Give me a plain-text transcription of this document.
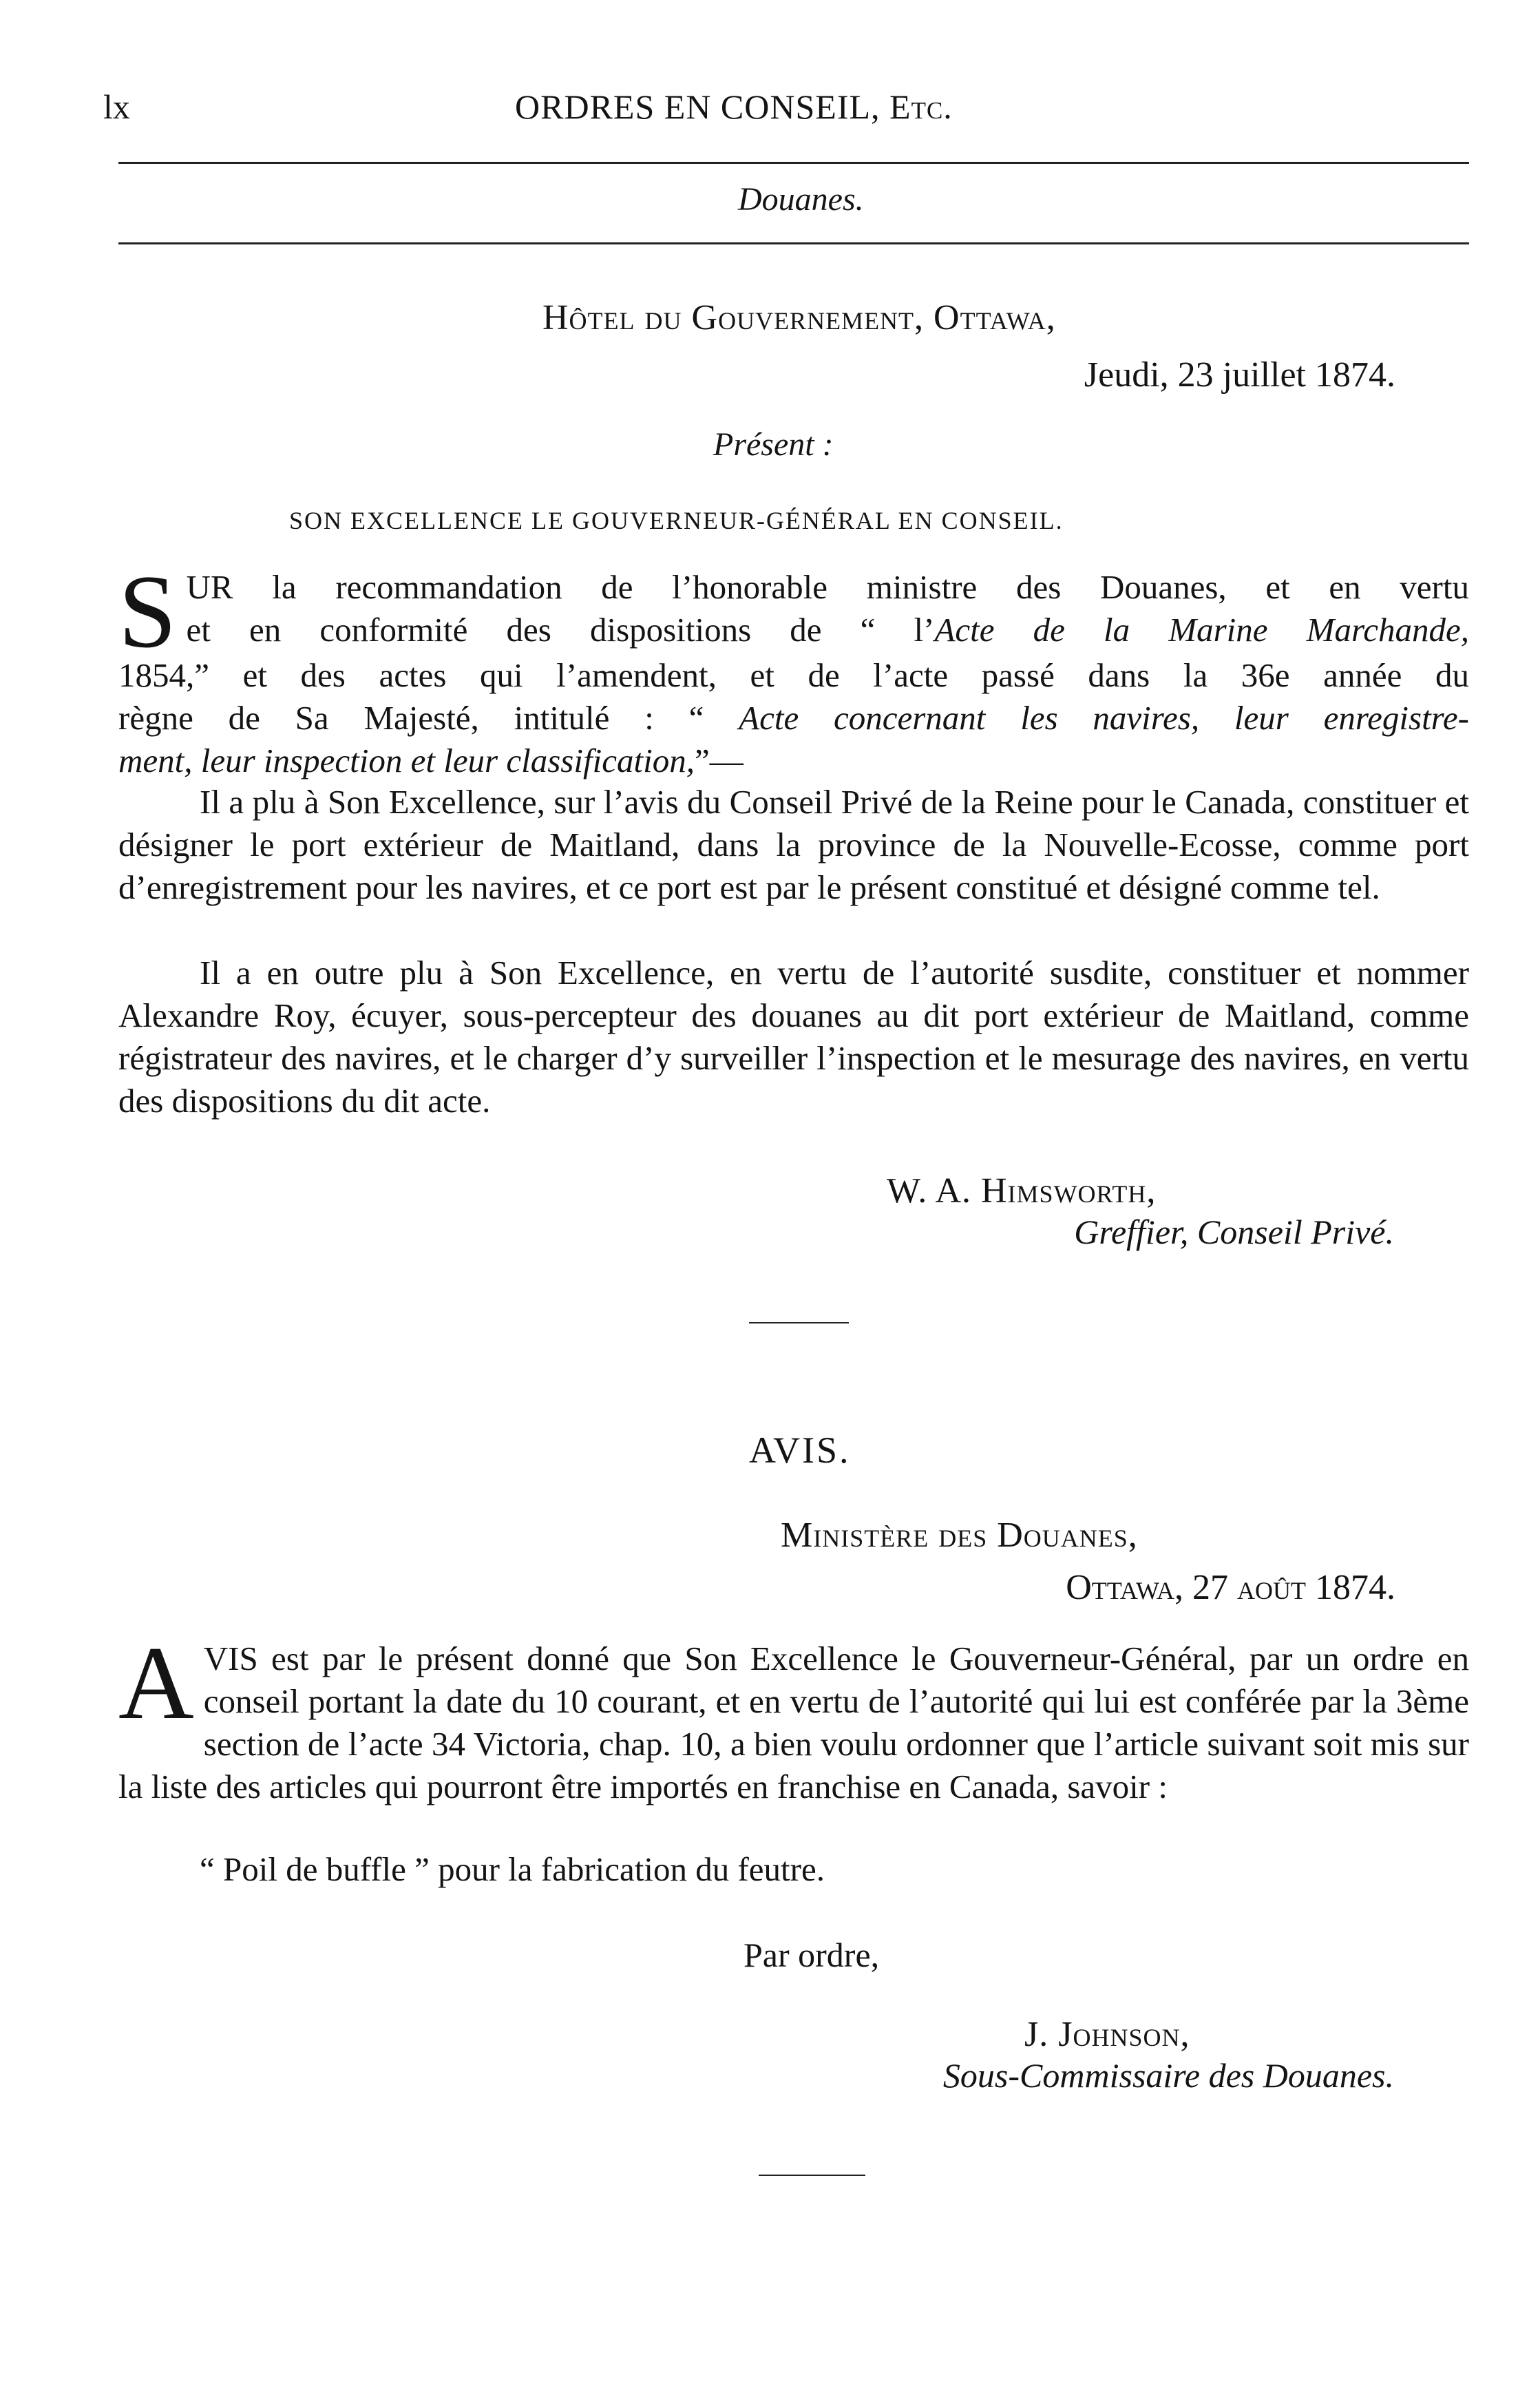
lx	ORDRES EN CONSEIL, Etc.
Douanes.
Hôtel du Gouvernement, Ottawa,
Jeudi, 23 juillet 1874.
Présent :
SON EXCELLENCE LE GOUVERNEUR-GÉNÉRAL EN CONSEIL.
S UR la recommandation de l’honorable ministre des Douanes, et en vertu
et en conformité des dispositions de “ l’Acte de la Marine Marchande,
1854,” et des actes qui l’amendent, et de l’acte passé dans la 36e année du
règne de Sa Majesté, intitulé : “ Acte concernant les navires, leur enregistre-
ment, leur inspection et leur classification,”—

Il a plu à Son Excellence, sur l’avis du Conseil Privé de la Reine pour le Canada, constituer et désigner le port extérieur de Maitland, dans la province de la Nouvelle-Ecosse, comme port d’enregistrement pour les navires, et ce port est par le présent constitué et désigné comme tel.

Il a en outre plu à Son Excellence, en vertu de l’autorité susdite, constituer et nommer Alexandre Roy, écuyer, sous-percepteur des douanes au dit port extérieur de Maitland, comme régistrateur des navires, et le charger d’y surveiller l’inspection et le mesurage des navires, en vertu des dispositions du dit acte.

W. A. Himsworth,
Greffier, Conseil Privé.
AVIS.
Ministère des Douanes,
Ottawa, 27 août 1874.
A VIS est par le présent donné que Son Excellence le Gouverneur-Général, par un ordre en conseil portant la date du 10 courant, et en vertu de l’autorité qui lui est conférée par la 3ème section de l’acte 34 Victoria, chap. 10, a bien voulu ordonner que l’article suivant soit mis sur la liste des articles qui pourront être importés en franchise en Canada, savoir :
“ Poil de buffle ” pour la fabrication du feutre.
Par ordre,
J. Johnson,
Sous-Commissaire des Douanes.
